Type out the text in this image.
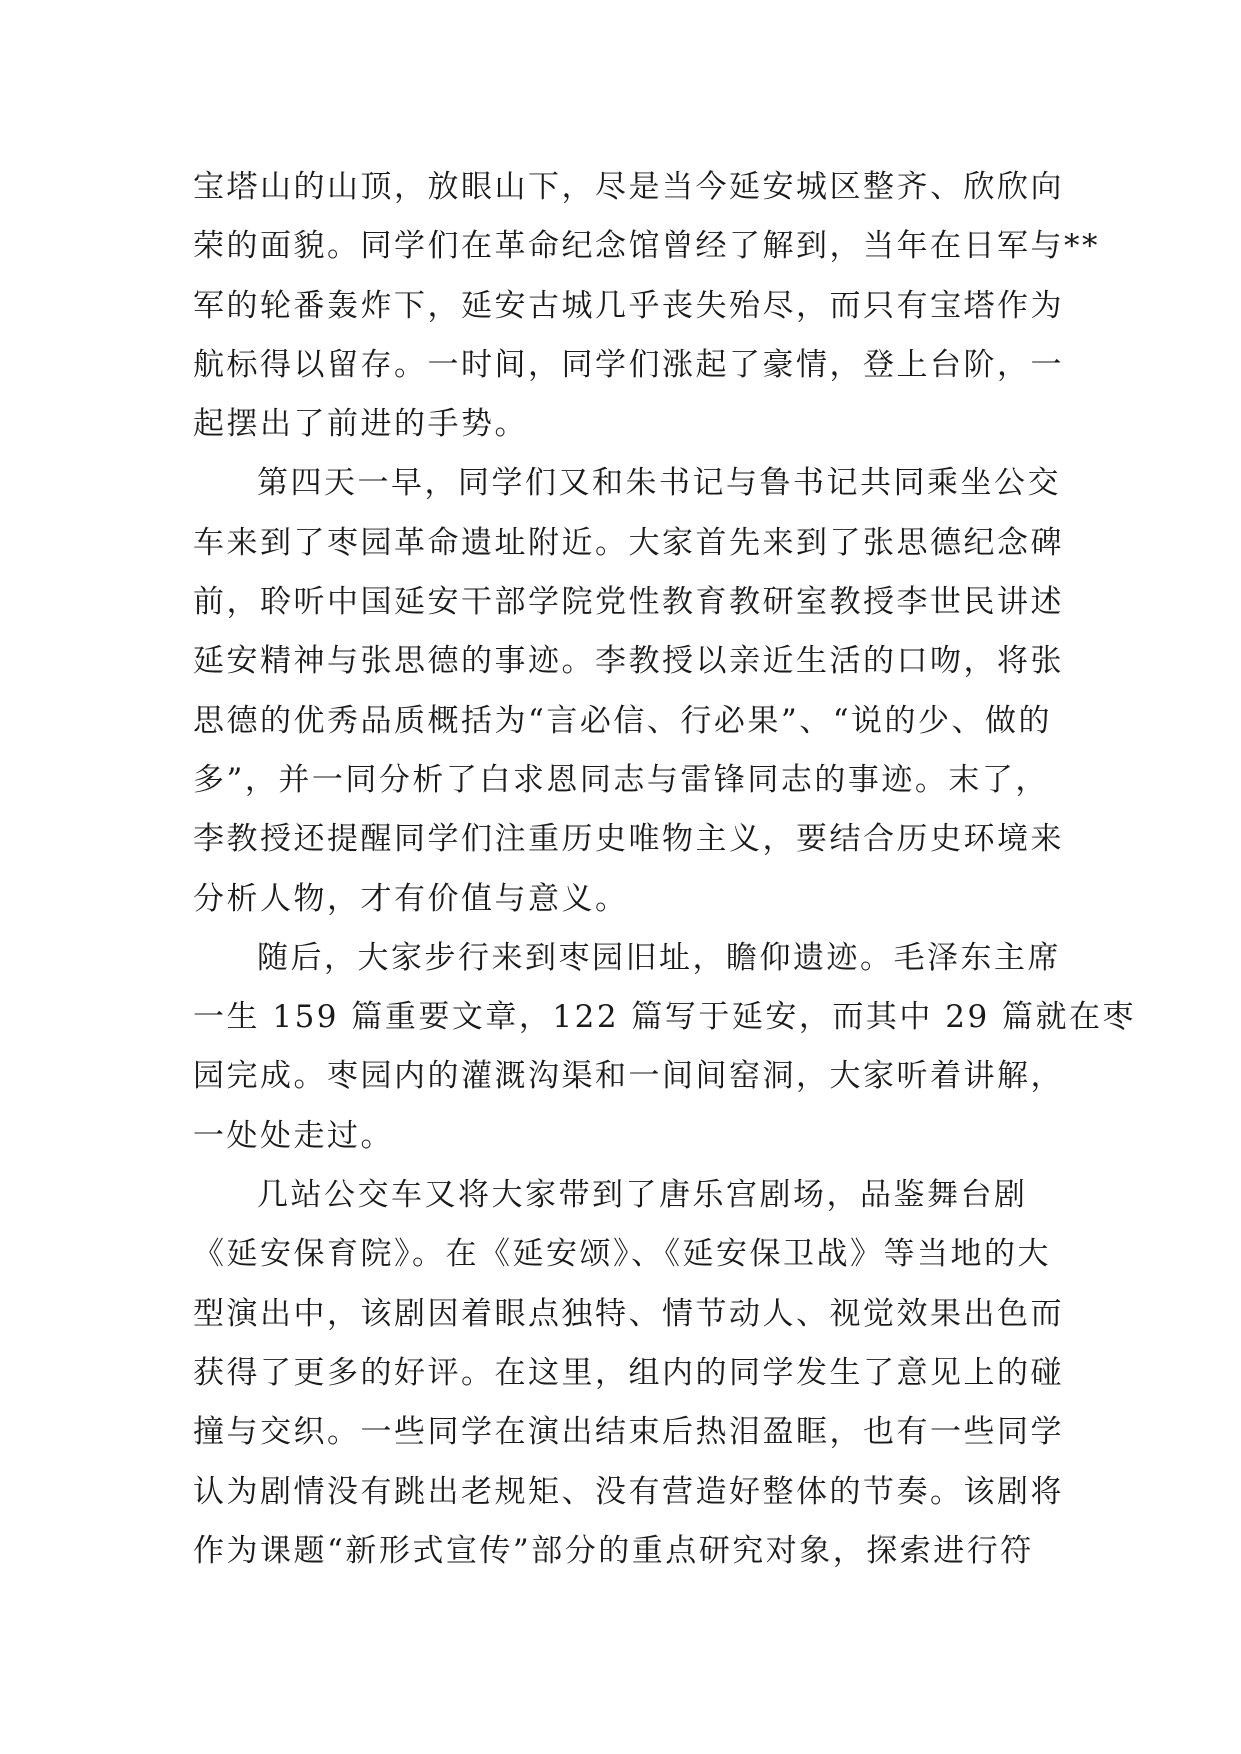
宝塔山的山顶，放眼山下，尽是当今延安城区整齐、欣欣向
荣的面貌。同学们在革命纪念馆曾经了解到，当年在日军与**
军的轮番轰炸下，延安古城几乎丧失殆尽，而只有宝塔作为
航标得以留存。一时间，同学们涨起了豪情，登上台阶，一
起摆出了前进的手势。
第四天一早，同学们又和朱书记与鲁书记共同乘坐公交
车来到了枣园革命遗址附近。大家首先来到了张思德纪念碑
前，聆听中国延安干部学院党性教育教研室教授李世民讲述
延安精神与张思德的事迹。李教授以亲近生活的口吻，将张
思德的优秀品质概括为“言必信、行必果”、“说的少、做的
多”，并一同分析了白求恩同志与雷锋同志的事迹。末了，
李教授还提醒同学们注重历史唯物主义，要结合历史环境来
分析人物，才有价值与意义。
随后，大家步行来到枣园旧址，瞻仰遗迹。毛泽东主席
一生 159 篇重要文章，122 篇写于延安，而其中 29 篇就在枣
园完成。枣园内的灌溉沟渠和一间间窑洞，大家听着讲解，
一处处走过。
几站公交车又将大家带到了唐乐宫剧场，品鉴舞台剧
《延安保育院》。在《延安颂》、《延安保卫战》等当地的大
型演出中，该剧因着眼点独特、情节动人、视觉效果出色而
获得了更多的好评。在这里，组内的同学发生了意见上的碰
撞与交织。一些同学在演出结束后热泪盈眶，也有一些同学
认为剧情没有跳出老规矩、没有营造好整体的节奏。该剧将
作为课题“新形式宣传”部分的重点研究对象，探索进行符
